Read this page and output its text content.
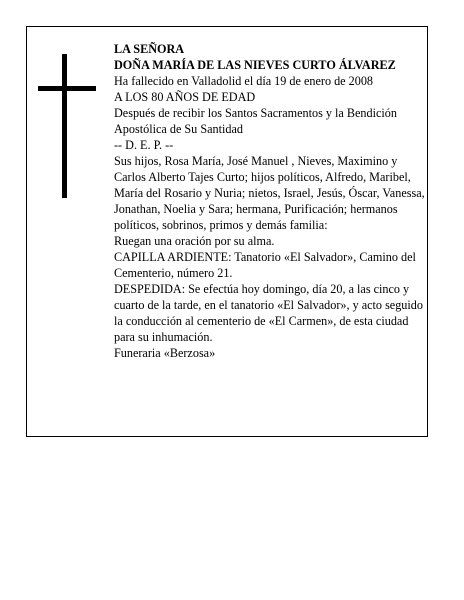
LA SEÑORA

DOÑA MARÍA DE LAS NIEVES CURTO ÁLVAREZ

Ha fallecido en Valladolid el día 19 de enero de 2008

A LOS 80 AÑOS DE EDAD

Después de recibir los Santos Sacramentos y la Bendición Apostólica de Su Santidad

-- D. E. P. --

Sus hijos, Rosa María, José Manuel , Nieves, Maximino y Carlos Alberto Tajes Curto; hijos políticos, Alfredo, Maribel, María del Rosario y Nuria; nietos, Israel, Jesús, Óscar, Vanessa, Jonathan, Noelia y Sara; hermana, Purificación; hermanos políticos, sobrinos, primos y demás familia:

Ruegan una oración por su alma.

CAPILLA ARDIENTE: Tanatorio «El Salvador», Camino del Cementerio, número 21.

DESPEDIDA: Se efectúa hoy domingo, día 20, a las cinco y cuarto de la tarde, en el tanatorio «El Salvador», y acto seguido la conducción al cementerio de «El Carmen», de esta ciudad para su inhumación.

Funeraria «Berzosa»
